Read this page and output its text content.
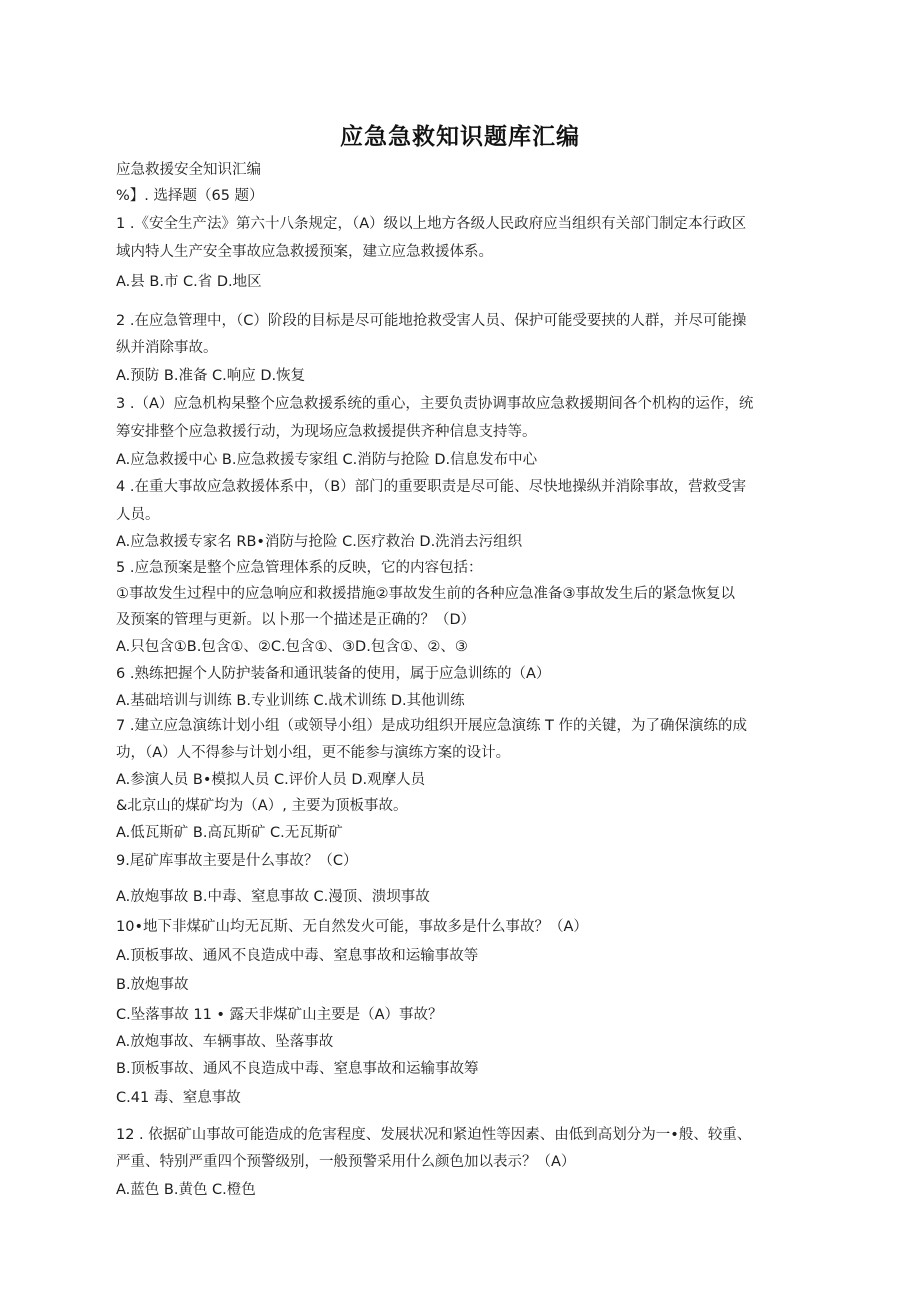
应急急救知识题库汇编
应急救援安全知识汇编
%】. 选择题（65 题）
1 .《安全生产法》第六十八条规定，（A）级以上地方各级人民政府应当组织有关部门制定本行政区
域内特人生产安全事故应急救援预案，建立应急救援体系。
A.县 B.市 C.省 D.地区
2 .在应急管理中，（C）阶段的目标是尽可能地抢救受害人员、保护可能受要挟的人群，并尽可能操
纵并消除事故。
A.预防 B.准备 C.响应 D.恢复
3 .（A）应急机构杲整个应急救援系统的重心，主要负责协调事故应急救援期间各个机构的运作，统
筹安排整个应急救援行动，为现场应急救援提供齐种信息支持等。
A.应急救援中心 B.应急救援专家组 C.消防与抢险 D.信息发布中心
4 .在重大事故应急救援体系中，（B）部门的重要职责是尽可能、尽快地操纵并消除事故，营救受害
人员。
A.应急救援专家名 RB•消防与抢险 C.医疗救治 D.洗消去污组织
5 .应急预案是整个应急管理体系的反映，它的内容包括：
①事故发生过程中的应急响应和救援措施②事故发生前的各种应急准备③事故发生后的紧急恢复以
及预案的管理与更新。以卜那一个描述是正确的？（D）
A.只包含①B.包含①、②C.包含①、③D.包含①、②、③
6 .熟练把握个人防护装备和通讯装备的使用，属于应急训练的（A）
A.基础培训与训练 B.专业训练 C.战术训练 D.其他训练
7 .建立应急演练计划小组（或领导小组）是成功组织开展应急演练 T 作的关键，为了确保演练的成
功，（A）人不得参与计划小组，更不能参与演练方案的设计。
A.参演人员 B•模拟人员 C.评价人员 D.观摩人员
&北京山的煤矿均为（A）, 主要为顶板事故。
A.低瓦斯矿 B.高瓦斯矿 C.无瓦斯矿
9.尾矿库事故主要是什么事故？（C）
A.放炮事故 B.中毒、窒息事故 C.漫顶、溃坝事故
10•地下非煤矿山均无瓦斯、无自然发火可能，事故多是什么事故？（A）
A.顶板事故、通风不良造成中毒、窒息事故和运输事故等
B.放炮事故
C.坠落事故 11 • 露天非煤矿山主要是（A）事故？
A.放炮事故、车辆事故、坠落事故
B.顶板事故、通风不良造成中毒、窒息事故和运输事故筹
C.41 毒、窒息事故
12 . 依据矿山事故可能造成的危害程度、发展状况和紧迫性等因素、由低到高划分为一•般、较重、
严重、特别严重四个预警级别，一般预警采用什么颜色加以表示？（A）
A.蓝色 B.黄色 C.橙色
